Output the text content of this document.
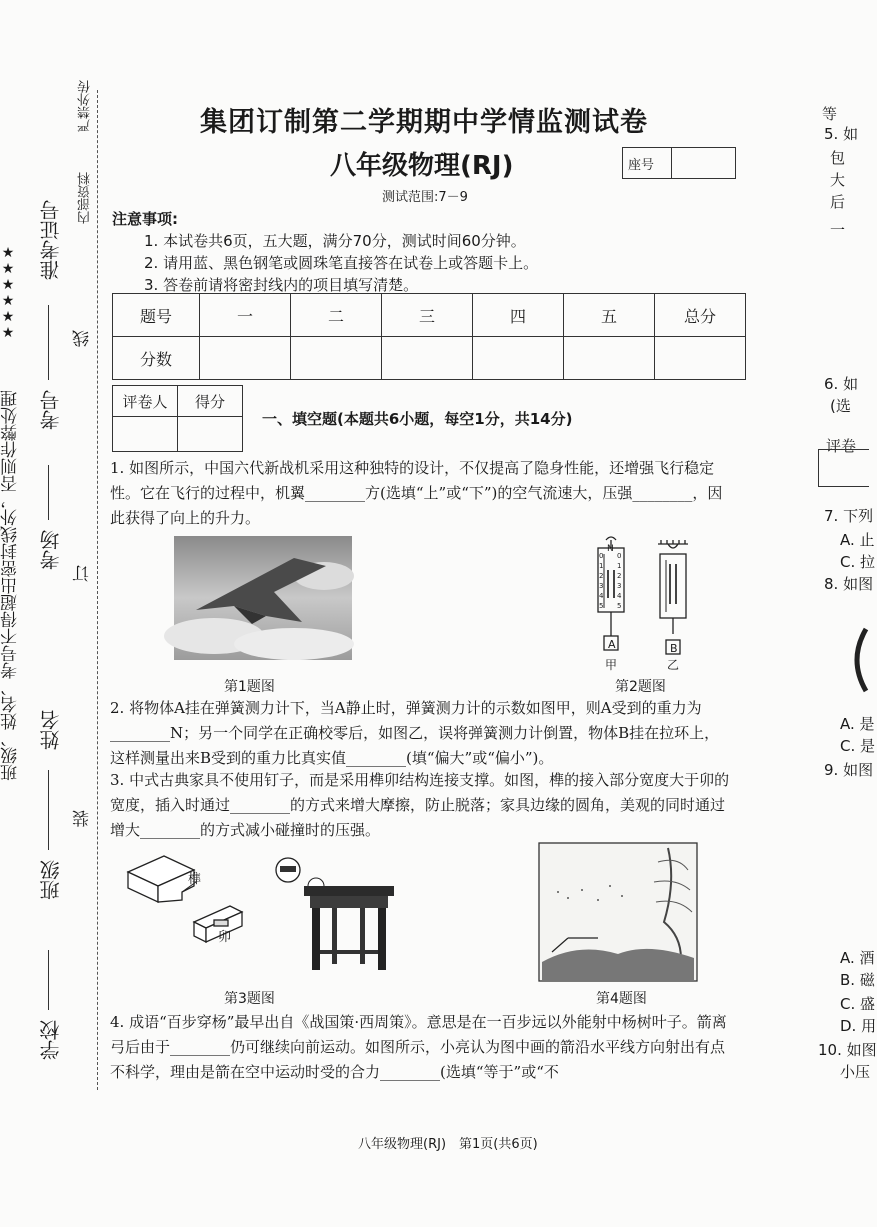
★★★★★★
班级、姓名、考号不得超出密封线外，否则作弊处理
学校
班级
姓名
考场
考号
准考证号
装
订
线
内部资料
严禁外传	集团订制第二学期期中学情监测试卷
八年级物理(RJ)	座号
测试范围:7－9
注意事项:
1. 本试卷共6页，五大题，满分70分，测试时间60分钟。
2. 请用蓝、黑色钢笔或圆珠笔直接答在试卷上或答题卡上。
3. 答卷前请将密封线内的项目填写清楚。
题号	一	二	三	四	五	总分
分数						
评卷人	得分

一、填空题(本题共6小题，每空1分，共14分)
1. 如图所示，中国六代新战机采用这种独特的设计，不仅提高了隐身性能，还增强飞行稳定性。它在飞行的过程中，机翼________方(选填“上”或“下”)的空气流速大，压强________，因此获得了向上的升力。
第1题图
0
1
2
3
4
5
0
1
2
3
4
5
N
A	B
甲	乙
第2题图
2. 将物体A挂在弹簧测力计下，当A静止时，弹簧测力计的示数如图甲，则A受到的重力为________N；另一个同学在正确校零后，如图乙，误将弹簧测力计倒置，物体B挂在拉环上，这样测量出来B受到的重力比真实值________(填“偏大”或“偏小”)。
3. 中式古典家具不使用钉子，而是采用榫卯结构连接支撑。如图，榫的接入部分宽度大于卯的宽度，插入时通过________的方式来增大摩擦，防止脱落；家具边缘的圆角，美观的同时通过增大________的方式减小碰撞时的压强。
榫
卯
第3题图	第4题图
4. 成语“百步穿杨”最早出自《战国策·西周策》。意思是在一百步远以外能射中杨树叶子。箭离弓后由于________仍可继续向前运动。如图所示，小亮认为图中画的箭沿水平线方向射出有点不科学，理由是箭在空中运动时受的合力________(选填“等于”或“不
八年级物理(RJ)　第1页(共6页)
等
5. 如
包
大
后
一
6. 如
(选
评卷
7. 下列
A. 止
C. 拉
8. 如图
A. 是
C. 是
9. 如图
A. 酒
B. 磁
C. 盛
D. 用
10. 如图
小压
